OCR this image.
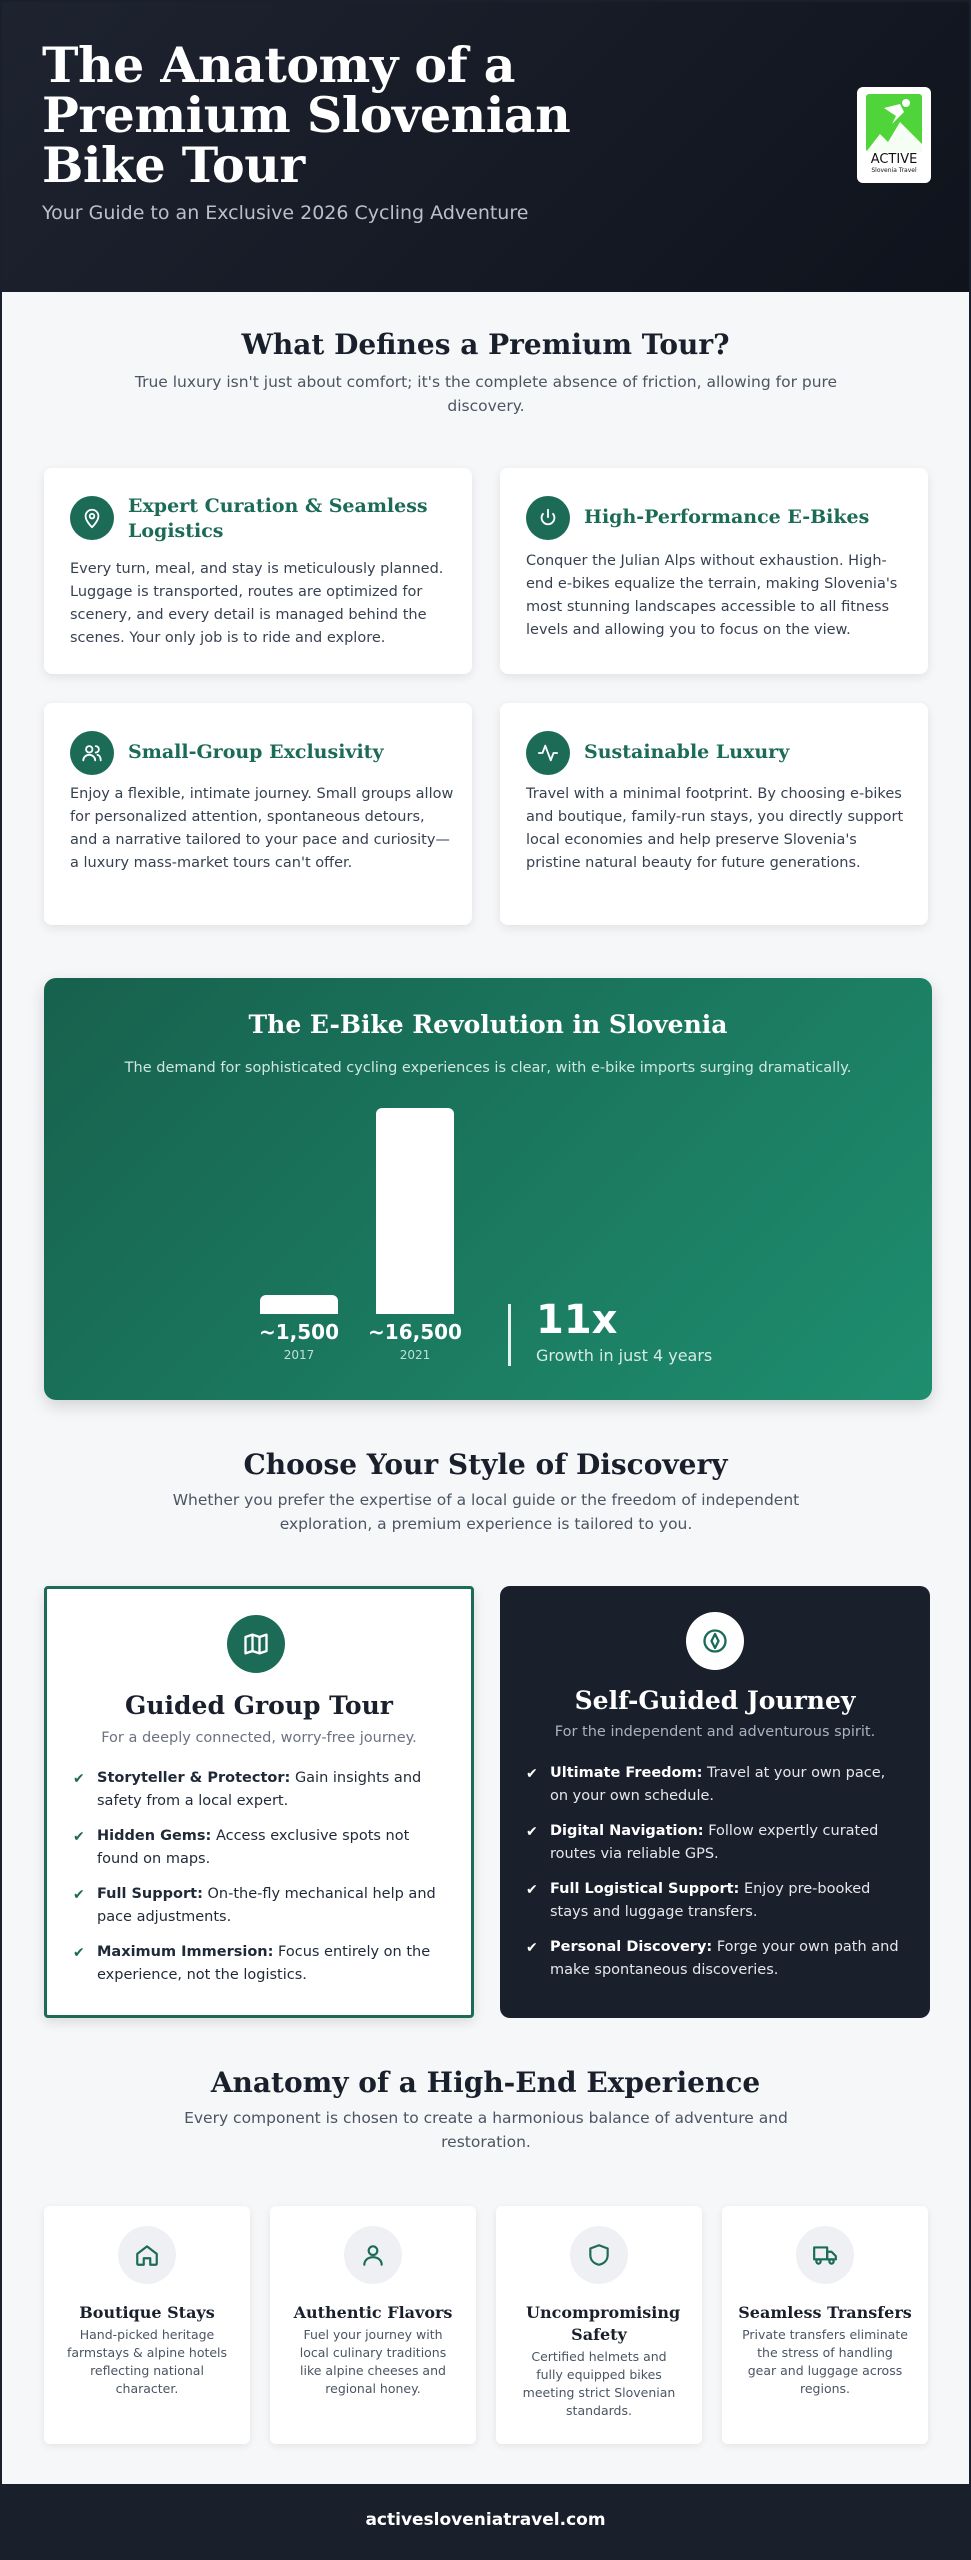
The Anatomy of a Premium Slovenian Bike Tour

Your Guide to an Exclusive 2026 Cycling Adventure

ACTIVE
Slovenia Travel
What Defines a Premium Tour?

True luxury isn't just about comfort; it's the complete absence of friction, allowing for pure discovery.

Expert Curation & Seamless Logistics

Every turn, meal, and stay is meticulously planned. Luggage is transported, routes are optimized for scenery, and every detail is managed behind the scenes. Your only job is to ride and explore.

High-Performance E-Bikes

Conquer the Julian Alps without exhaustion. High-end e-bikes equalize the terrain, making Slovenia's most stunning landscapes accessible to all fitness levels and allowing you to focus on the view.

Small-Group Exclusivity

Enjoy a flexible, intimate journey. Small groups allow for personalized attention, spontaneous detours, and a narrative tailored to your pace and curiosity—a luxury mass-market tours can't offer.

Sustainable Luxury

Travel with a minimal footprint. By choosing e-bikes and boutique, family-run stays, you directly support local economies and help preserve Slovenia's pristine natural beauty for future generations.

The E-Bike Revolution in Slovenia

The demand for sophisticated cycling experiences is clear, with e-bike imports surging dramatically.

~1,500
2017
~16,500
2021
11x
Growth in just 4 years
Choose Your Style of Discovery

Whether you prefer the expertise of a local guide or the freedom of independent exploration, a premium experience is tailored to you.

Guided Group Tour

For a deeply connected, worry-free journey.

✔ Storyteller & Protector: Gain insights and safety from a local expert.
✔ Hidden Gems: Access exclusive spots not found on maps.
✔ Full Support: On-the-fly mechanical help and pace adjustments.
✔ Maximum Immersion: Focus entirely on the experience, not the logistics.
Self-Guided Journey

For the independent and adventurous spirit.

✔ Ultimate Freedom: Travel at your own pace, on your own schedule.
✔ Digital Navigation: Follow expertly curated routes via reliable GPS.
✔ Full Logistical Support: Enjoy pre-booked stays and luggage transfers.
✔ Personal Discovery: Forge your own path and make spontaneous discoveries.
Anatomy of a High-End Experience

Every component is chosen to create a harmonious balance of adventure and restoration.

Boutique Stays

Hand-picked heritage farmstays & alpine hotels reflecting national character.

Authentic Flavors

Fuel your journey with local culinary traditions like alpine cheeses and regional honey.

Uncompromising Safety

Certified helmets and fully equipped bikes meeting strict Slovenian standards.

Seamless Transfers

Private transfers eliminate the stress of handling gear and luggage across regions.

activesloveniatravel.com
